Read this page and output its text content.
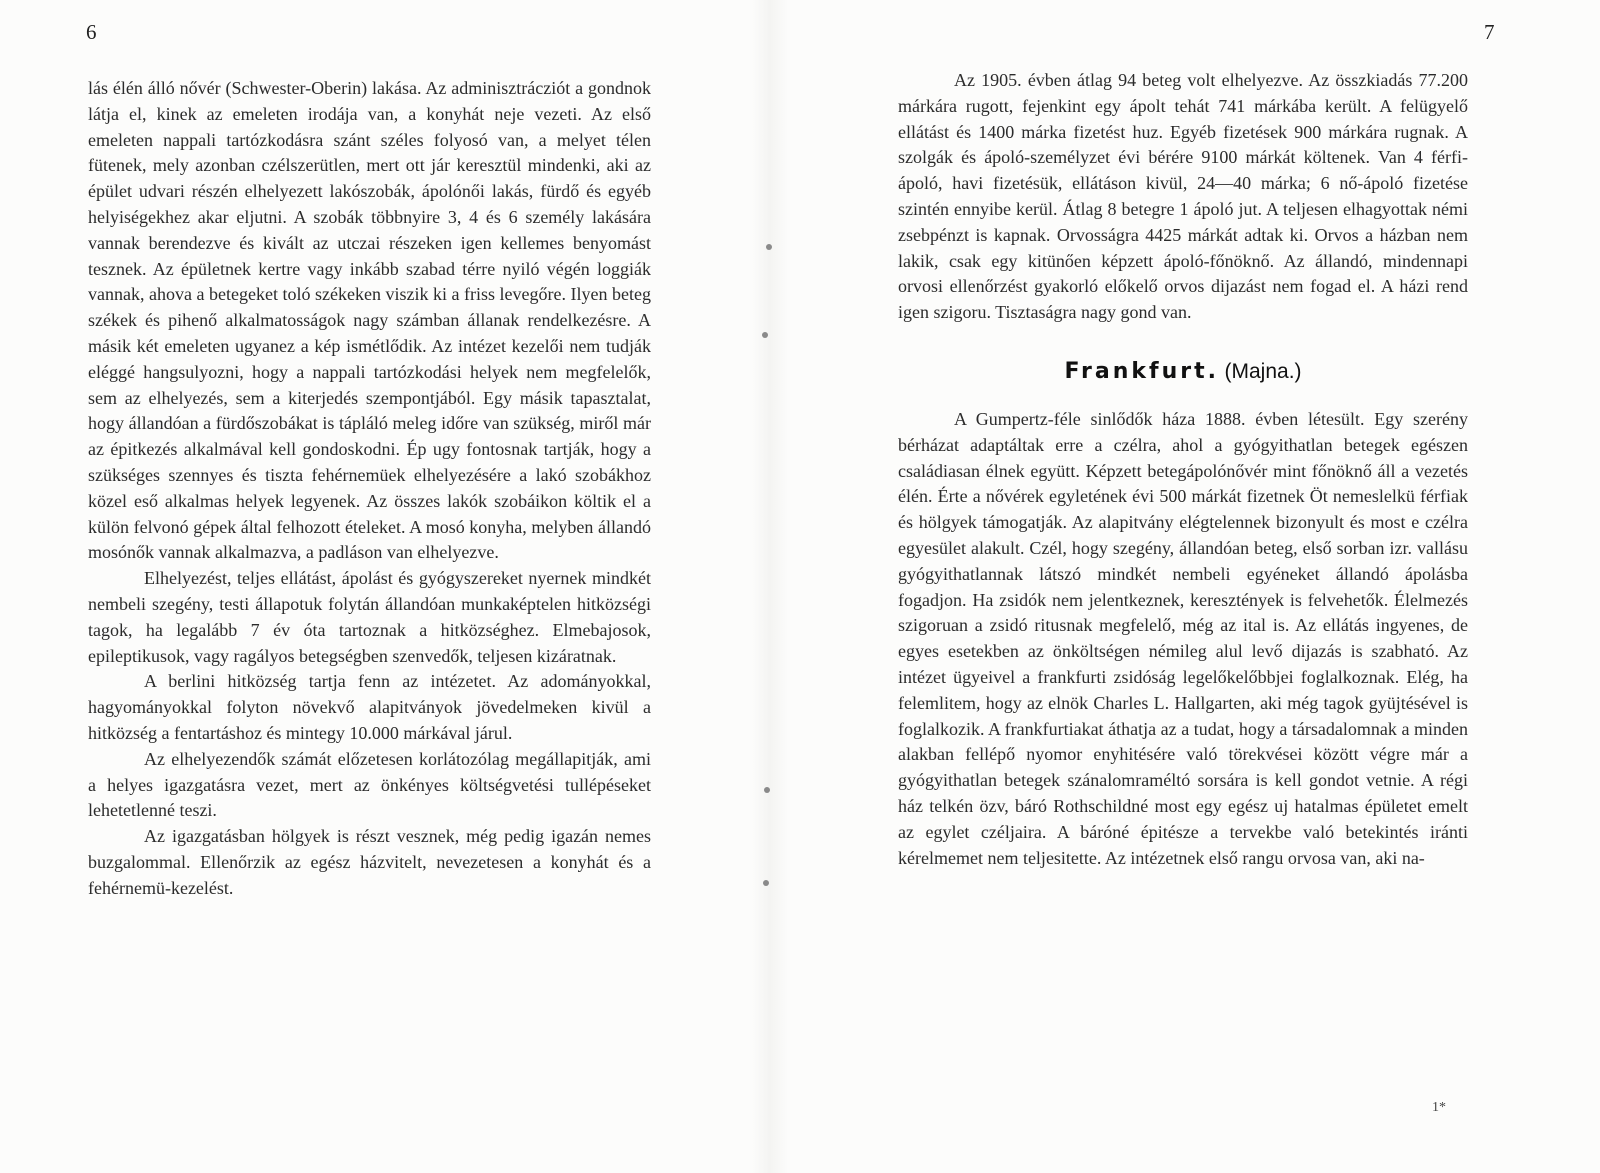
6

lás élén álló nővér (Schwester-Oberin) lakása. Az adminisztrácziót a gondnok látja el, kinek az emeleten irodája van, a konyhát neje vezeti. Az első emeleten nappali tartózkodásra szánt széles folyosó van, a melyet télen fütenek, mely azonban czélszerütlen, mert ott jár keresztül mindenki, aki az épület udvari részén elhelyezett lakószobák, ápolónői lakás, fürdő és egyéb helyiségekhez akar eljutni. A szobák többnyire 3, 4 és 6 személy lakására vannak berendezve és kivált az utczai részeken igen kellemes benyomást tesznek. Az épületnek kertre vagy inkább szabad térre nyiló végén loggiák vannak, ahova a betegeket toló székeken viszik ki a friss levegőre. Ilyen beteg székek és pihenő alkalmatosságok nagy számban állanak rendelkezésre. A másik két emeleten ugyanez a kép ismétlődik. Az intézet kezelői nem tudják eléggé hangsulyozni, hogy a nappali tartózkodási helyek nem megfelelők, sem az elhelyezés, sem a kiterjedés szempontjából. Egy másik tapasztalat, hogy állandóan a fürdőszobákat is tápláló meleg időre van szükség, miről már az épitkezés alkalmával kell gondoskodni. Ép ugy fontosnak tartják, hogy a szükséges szennyes és tiszta fehérnemüek elhelyezésére a lakó szobákhoz közel eső alkalmas helyek legyenek. Az összes lakók szobáikon költik el a külön felvonó gépek által felhozott ételeket. A mosó konyha, melyben állandó mosónők vannak alkalmazva, a padláson van elhelyezve.

Elhelyezést, teljes ellátást, ápolást és gyógyszereket nyernek mindkét nembeli szegény, testi állapotuk folytán állandóan munkaképtelen hitközségi tagok, ha legalább 7 év óta tartoznak a hitközséghez. Elmebajosok, epileptikusok, vagy ragályos betegségben szenvedők, teljesen kizáratnak.

A berlini hitközség tartja fenn az intézetet. Az adományokkal, hagyományokkal folyton növekvő alapitványok jövedelmeken kivül a hitközség a fentartáshoz és mintegy 10.000 márkával járul.

Az elhelyezendők számát előzetesen korlátozólag megállapitják, ami a helyes igazgatásra vezet, mert az önkényes költségvetési tullépéseket lehetetlenné teszi.

Az igazgatásban hölgyek is részt vesznek, még pedig igazán nemes buzgalommal. Ellenőrzik az egész házvitelt, nevezetesen a konyhát és a fehérnemü-kezelést.

7

Az 1905. évben átlag 94 beteg volt elhelyezve. Az összkiadás 77.200 márkára rugott, fejenkint egy ápolt tehát 741 márkába került. A felügyelő ellátást és 1400 márka fizetést huz. Egyéb fizetések 900 márkára rugnak. A szolgák és ápoló-személyzet évi bérére 9100 márkát költenek. Van 4 férfi-ápoló, havi fizetésük, ellátáson kivül, 24—40 márka; 6 nő-ápoló fizetése szintén ennyibe kerül. Átlag 8 betegre 1 ápoló jut. A teljesen elhagyottak némi zsebpénzt is kapnak. Orvosságra 4425 márkát adtak ki. Orvos a házban nem lakik, csak egy kitünően képzett ápoló-főnöknő. Az állandó, mindennapi orvosi ellenőrzést gyakorló előkelő orvos dijazást nem fogad el. A házi rend igen szigoru. Tisztaságra nagy gond van.

Frankfurt. (Majna.)

A Gumpertz-féle sinlődők háza 1888. évben létesült. Egy szerény bérházat adaptáltak erre a czélra, ahol a gyógyithatlan betegek egészen családiasan élnek együtt. Képzett betegápolónővér mint főnöknő áll a vezetés élén. Érte a nővérek egyletének évi 500 márkát fizetnek Öt nemeslelkü férfiak és hölgyek támogatják. Az alapitvány elégtelennek bizonyult és most e czélra egyesület alakult. Czél, hogy szegény, állandóan beteg, első sorban izr. vallásu gyógyithatlannak látszó mindkét nembeli egyéneket állandó ápolásba fogadjon. Ha zsidók nem jelentkeznek, keresztények is felvehetők. Élelmezés szigoruan a zsidó ritusnak megfelelő, még az ital is. Az ellátás ingyenes, de egyes esetekben az önköltségen némileg alul levő dijazás is szabható. Az intézet ügyeivel a frankfurti zsidóság legelőkelőbbjei foglalkoznak. Elég, ha felemlitem, hogy az elnök Charles L. Hallgarten, aki még tagok gyüjtésével is foglalkozik. A frankfurtiakat áthatja az a tudat, hogy a társadalomnak a minden alakban fellépő nyomor enyhitésére való törekvései között végre már a gyógyithatlan betegek szánalomraméltó sorsára is kell gondot vetnie. A régi ház telkén özv, báró Rothschildné most egy egész uj hatalmas épületet emelt az egylet czéljaira. A báróné épitésze a tervekbe való betekintés iránti kérelmemet nem teljesitette. Az intézetnek első rangu orvosa van, aki na-

1*
